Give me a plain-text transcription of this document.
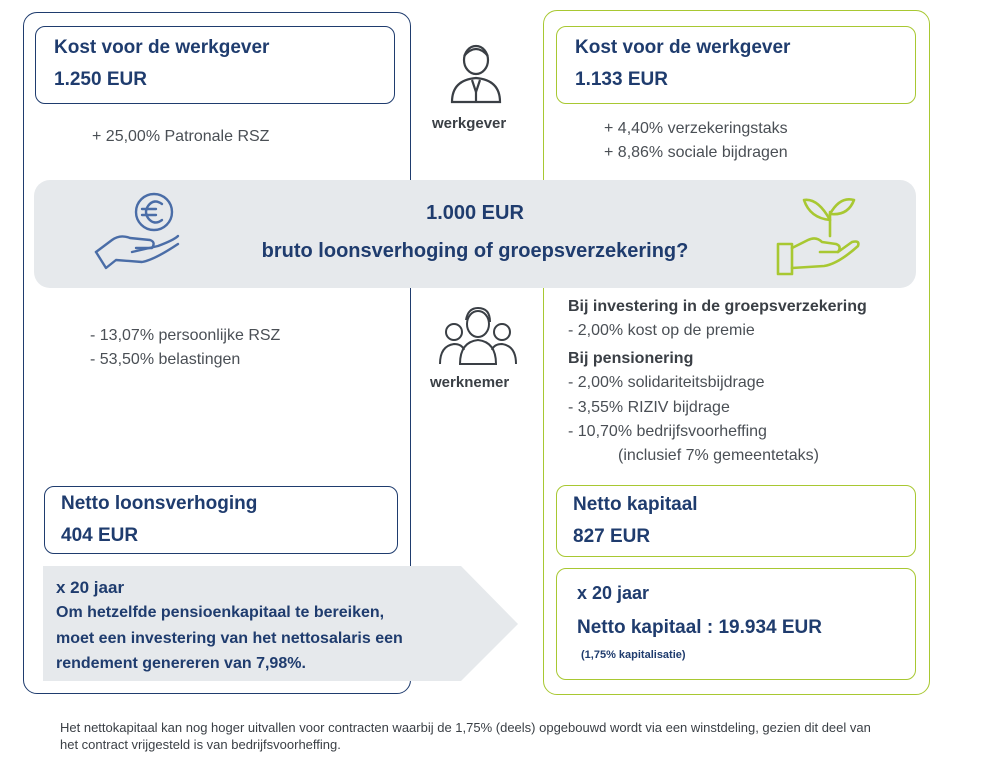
Kost voor de werkgever
1.250 EUR
Kost voor de werkgever
1.133 EUR
werkgever
+ 25,00% Patronale RSZ	+ 4,40% verzekeringstaks
+ 8,86% sociale bijdragen
1.000 EUR
bruto loonsverhoging of groepsverzekering?
werknemer
- 13,07% persoonlijke RSZ
- 53,50% belastingen
Bij investering in de groepsverzekering
- 2,00% kost op de premie
Bij pensionering
- 2,00% solidariteitsbijdrage
- 3,55% RIZIV bijdrage
- 10,70% bedrijfsvoorheffing
(inclusief 7% gemeentetaks)
Netto loonsverhoging
404 EUR
Netto kapitaal
827 EUR
x 20 jaar
Om hetzelfde pensioenkapitaal te bereiken,
moet een investering van het nettosalaris een
rendement genereren van 7,98%.
x 20 jaar
Netto kapitaal : 19.934 EUR
(1,75% kapitalisatie)
Het nettokapitaal kan nog hoger uitvallen voor contracten waarbij de 1,75% (deels) opgebouwd wordt via een winstdeling, gezien dit deel van
het contract vrijgesteld is van bedrijfsvoorheffing.
